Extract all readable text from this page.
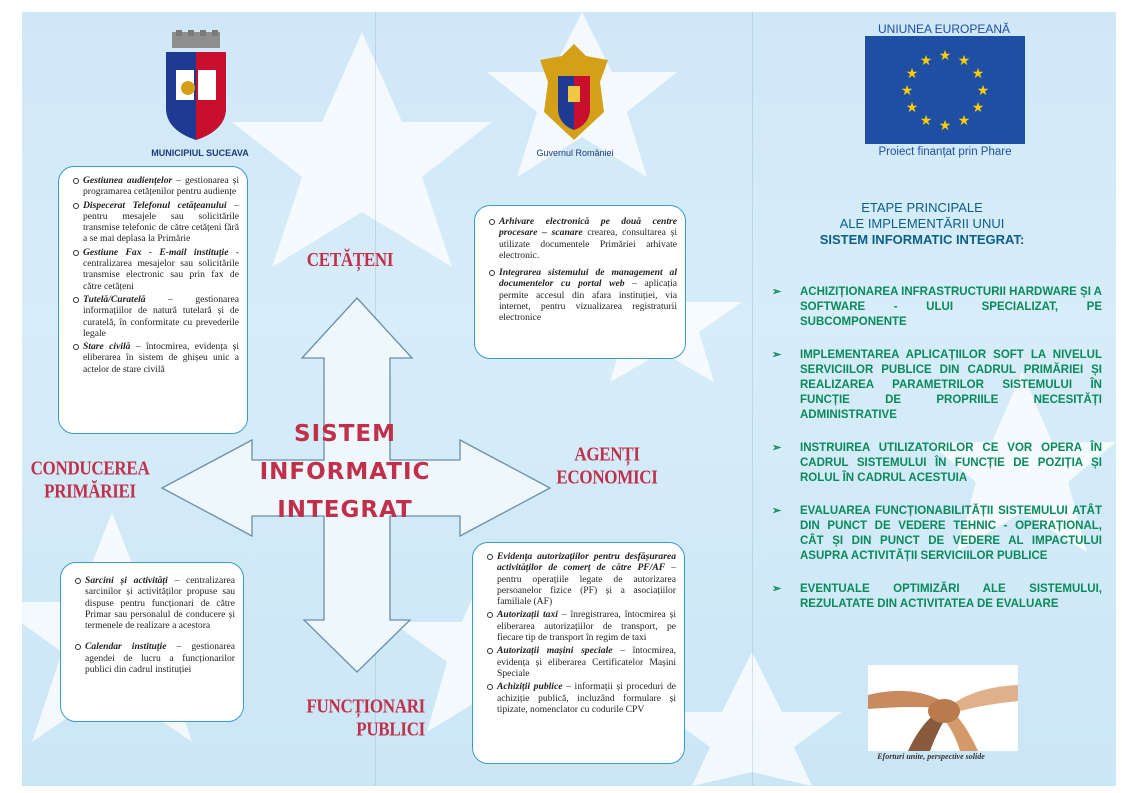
MUNICIPIUL SUCEAVA	Guvernul României
UNIUNEA EUROPEANĂ
★ ★
★
★
★
★
★
★
★
★
★
★
Proiect finanțat prin Phare
CETĂȚENI
CONDUCEREA
PRIMĂRIEI
AGENȚI
ECONOMICI
FUNCȚIONARI
PUBLICI
SISTEM
INFORMATIC
INTEGRAT
Gestiunea audiențelor – gestionarea și programarea cetățenilor pentru audiențe
Dispecerat Telefonul cetățeanului –pentru mesajele sau solicitările transmise telefonic de către cetățeni fără a se mai deplasa la Primărie
Gestiune Fax - E-mail instituție -centralizarea mesajelor sau solicitările transmise electronic sau prin fax de către cetățeni
Tutelă/Curatelă – gestionarea informațiilor de natură tutelară și de curatelă, în conformitate cu prevederile legale
Stare civilă – întocmirea, evidența și eliberarea în sistem de ghișeu unic a actelor de stare civilă
Arhivare electronică pe două centre procesare – scanare crearea, consultarea și utilizate documentele Primăriei arhivate electronic.
Integrarea sistemului de management al documentelor cu portal web – aplicația permite accesul din afara instituției, via internet, pentru vizualizarea registraturii electronice
Sarcini și activități – centralizarea sarcinilor și activităților propuse sau dispuse pentru funcționari de către Primar sau personalul de conducere și termenele de realizare a acestora
Calendar instituție – gestionarea agendei de lucru a funcționarilor publici din cadrul instituției
Evidența autorizațiilor pentru desfășurarea activităților de comerț de către PF/AF – pentru operațiile legate de autorizarea persoanelor fizice (PF) și a asociațiilor familiale (AF)
Autorizații taxi – înregistrarea, întocmirea și eliberarea autorizațiilor de transport, pe fiecare tip de transport în regim de taxi
Autorizații mașini speciale – întocmirea, evidența și eliberarea Certificatelor Mașini Speciale
Achiziții publice – informații și proceduri de achiziție publică, incluzând formulare și tipizate, nomenclator cu codurile CPV
ETAPE PRINCIPALE
ALE IMPLEMENTĂRII UNUI
SISTEM INFORMATIC INTEGRAT:
➢ ACHIZIȚIONAREA INFRASTRUCTURII HARDWARE ȘI A SOFTWARE - ULUI SPECIALIZAT, PE SUBCOMPONENTE
➢ IMPLEMENTAREA APLICAȚIILOR SOFT LA NIVELUL SERVICIILOR PUBLICE DIN CADRUL PRIMĂRIEI ȘI REALIZAREA PARAMETRILOR SISTEMULUI ÎN FUNCȚIE DE PROPRIILE NECESITĂȚI ADMINISTRATIVE
➢ INSTRUIREA UTILIZATORILOR CE VOR OPERA ÎN CADRUL SISTEMULUI ÎN FUNCȚIE DE POZIȚIA ȘI ROLUL ÎN CADRUL ACESTUIA
➢ EVALUAREA FUNCȚIONABILITĂȚII SISTEMULUI ATÂT DIN PUNCT DE VEDERE TEHNIC - OPERAȚIONAL, CÂT ȘI DIN PUNCT DE VEDERE AL IMPACTULUI ASUPRA ACTIVITĂȚII SERVICIILOR PUBLICE
➢ EVENTUALE OPTIMIZĂRI ALE SISTEMULUI, REZULATATE DIN ACTIVITATEA DE EVALUARE
Eforturi unite, perspective solide
